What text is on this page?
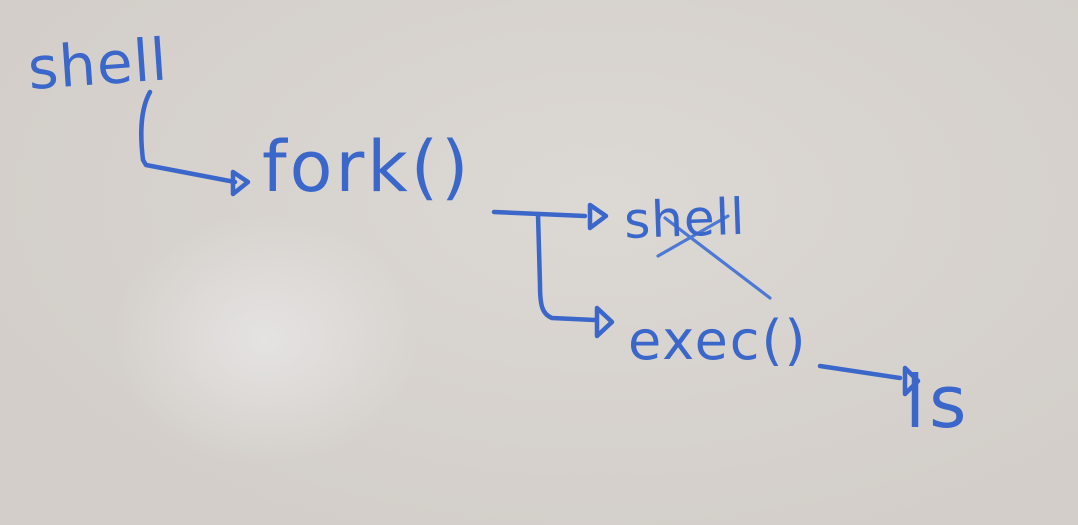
shell
fork()
shell
exec()
ls
